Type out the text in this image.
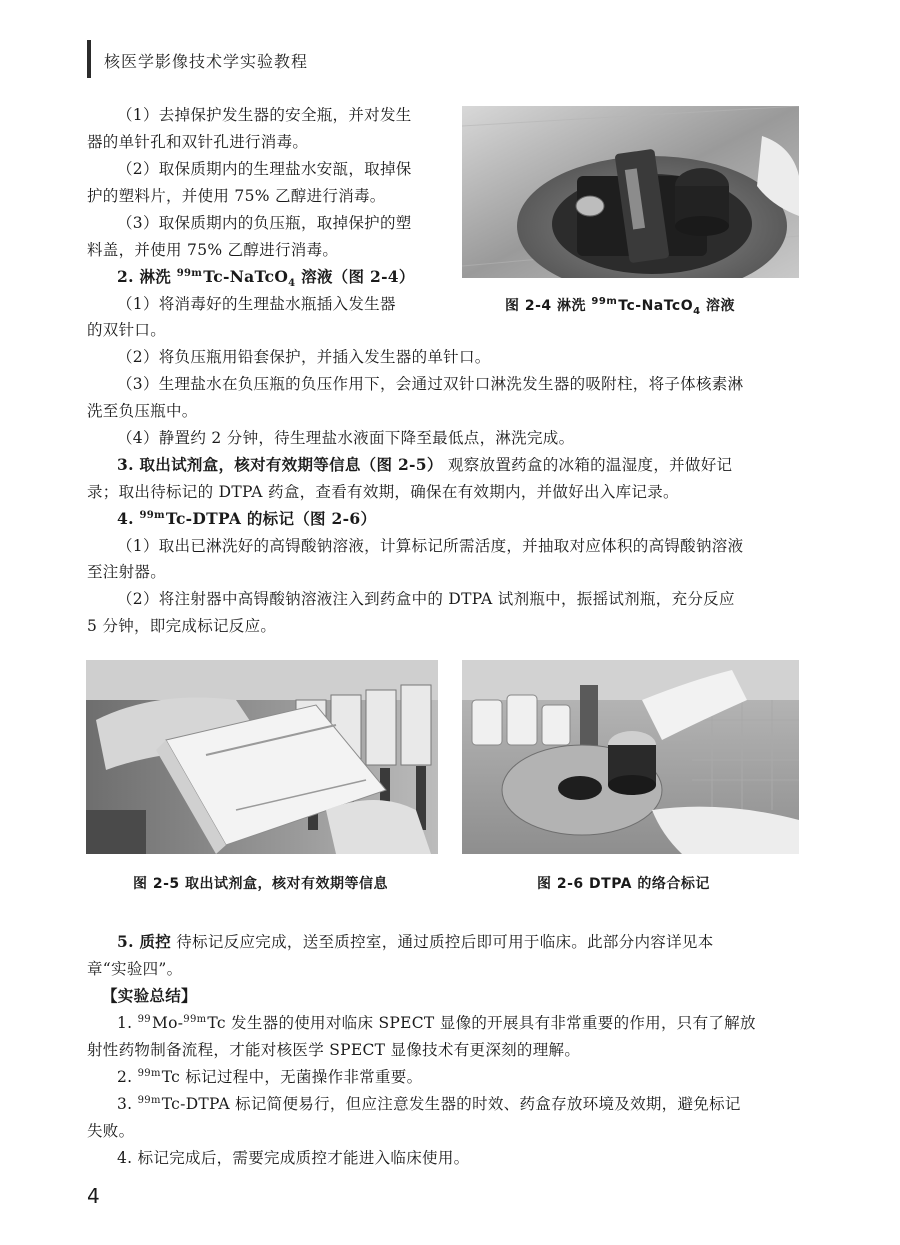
核医学影像技术学实验教程
图 2-4 淋洗 $^{99m}$Tc-NaTcO$_4$ 溶液
（1）去掉保护发生器的安全瓶，并对发生
器的单针孔和双针孔进行消毒。
（2）取保质期内的生理盐水安瓿，取掉保
护的塑料片，并使用 75% 乙醇进行消毒。
（3）取保质期内的负压瓶，取掉保护的塑
料盖，并使用 75% 乙醇进行消毒。
2. 淋洗 $^{99m}$Tc-NaTcO$_4$ 溶液（图 2-4）
（1）将消毒好的生理盐水瓶插入发生器
的双针口。
（2）将负压瓶用铅套保护，并插入发生器的单针口。
（3）生理盐水在负压瓶的负压作用下，会通过双针口淋洗发生器的吸附柱，将子体核素淋
洗至负压瓶中。
（4）静置约 2 分钟，待生理盐水液面下降至最低点，淋洗完成。
3. 取出试剂盒，核对有效期等信息（图 2-5） 观察放置药盒的冰箱的温湿度，并做好记
录；取出待标记的 DTPA 药盒，查看有效期，确保在有效期内，并做好出入库记录。
4. $^{99m}$Tc-DTPA 的标记（图 2-6）
（1）取出已淋洗好的高锝酸钠溶液，计算标记所需活度，并抽取对应体积的高锝酸钠溶液
至注射器。
（2）将注射器中高锝酸钠溶液注入到药盒中的 DTPA 试剂瓶中，振摇试剂瓶，充分反应
5 分钟，即完成标记反应。
图 2-5 取出试剂盒，核对有效期等信息	图 2-6 DTPA 的络合标记
5. 质控 待标记反应完成，送至质控室，通过质控后即可用于临床。此部分内容详见本
章“实验四”。
【实验总结】
1. $^{99}$Mo-$^{99m}$Tc 发生器的使用对临床 SPECT 显像的开展具有非常重要的作用，只有了解放
射性药物制备流程，才能对核医学 SPECT 显像技术有更深刻的理解。
2. $^{99m}$Tc 标记过程中，无菌操作非常重要。
3. $^{99m}$Tc-DTPA 标记简便易行，但应注意发生器的时效、药盒存放环境及效期，避免标记
失败。
4. 标记完成后，需要完成质控才能进入临床使用。
4
